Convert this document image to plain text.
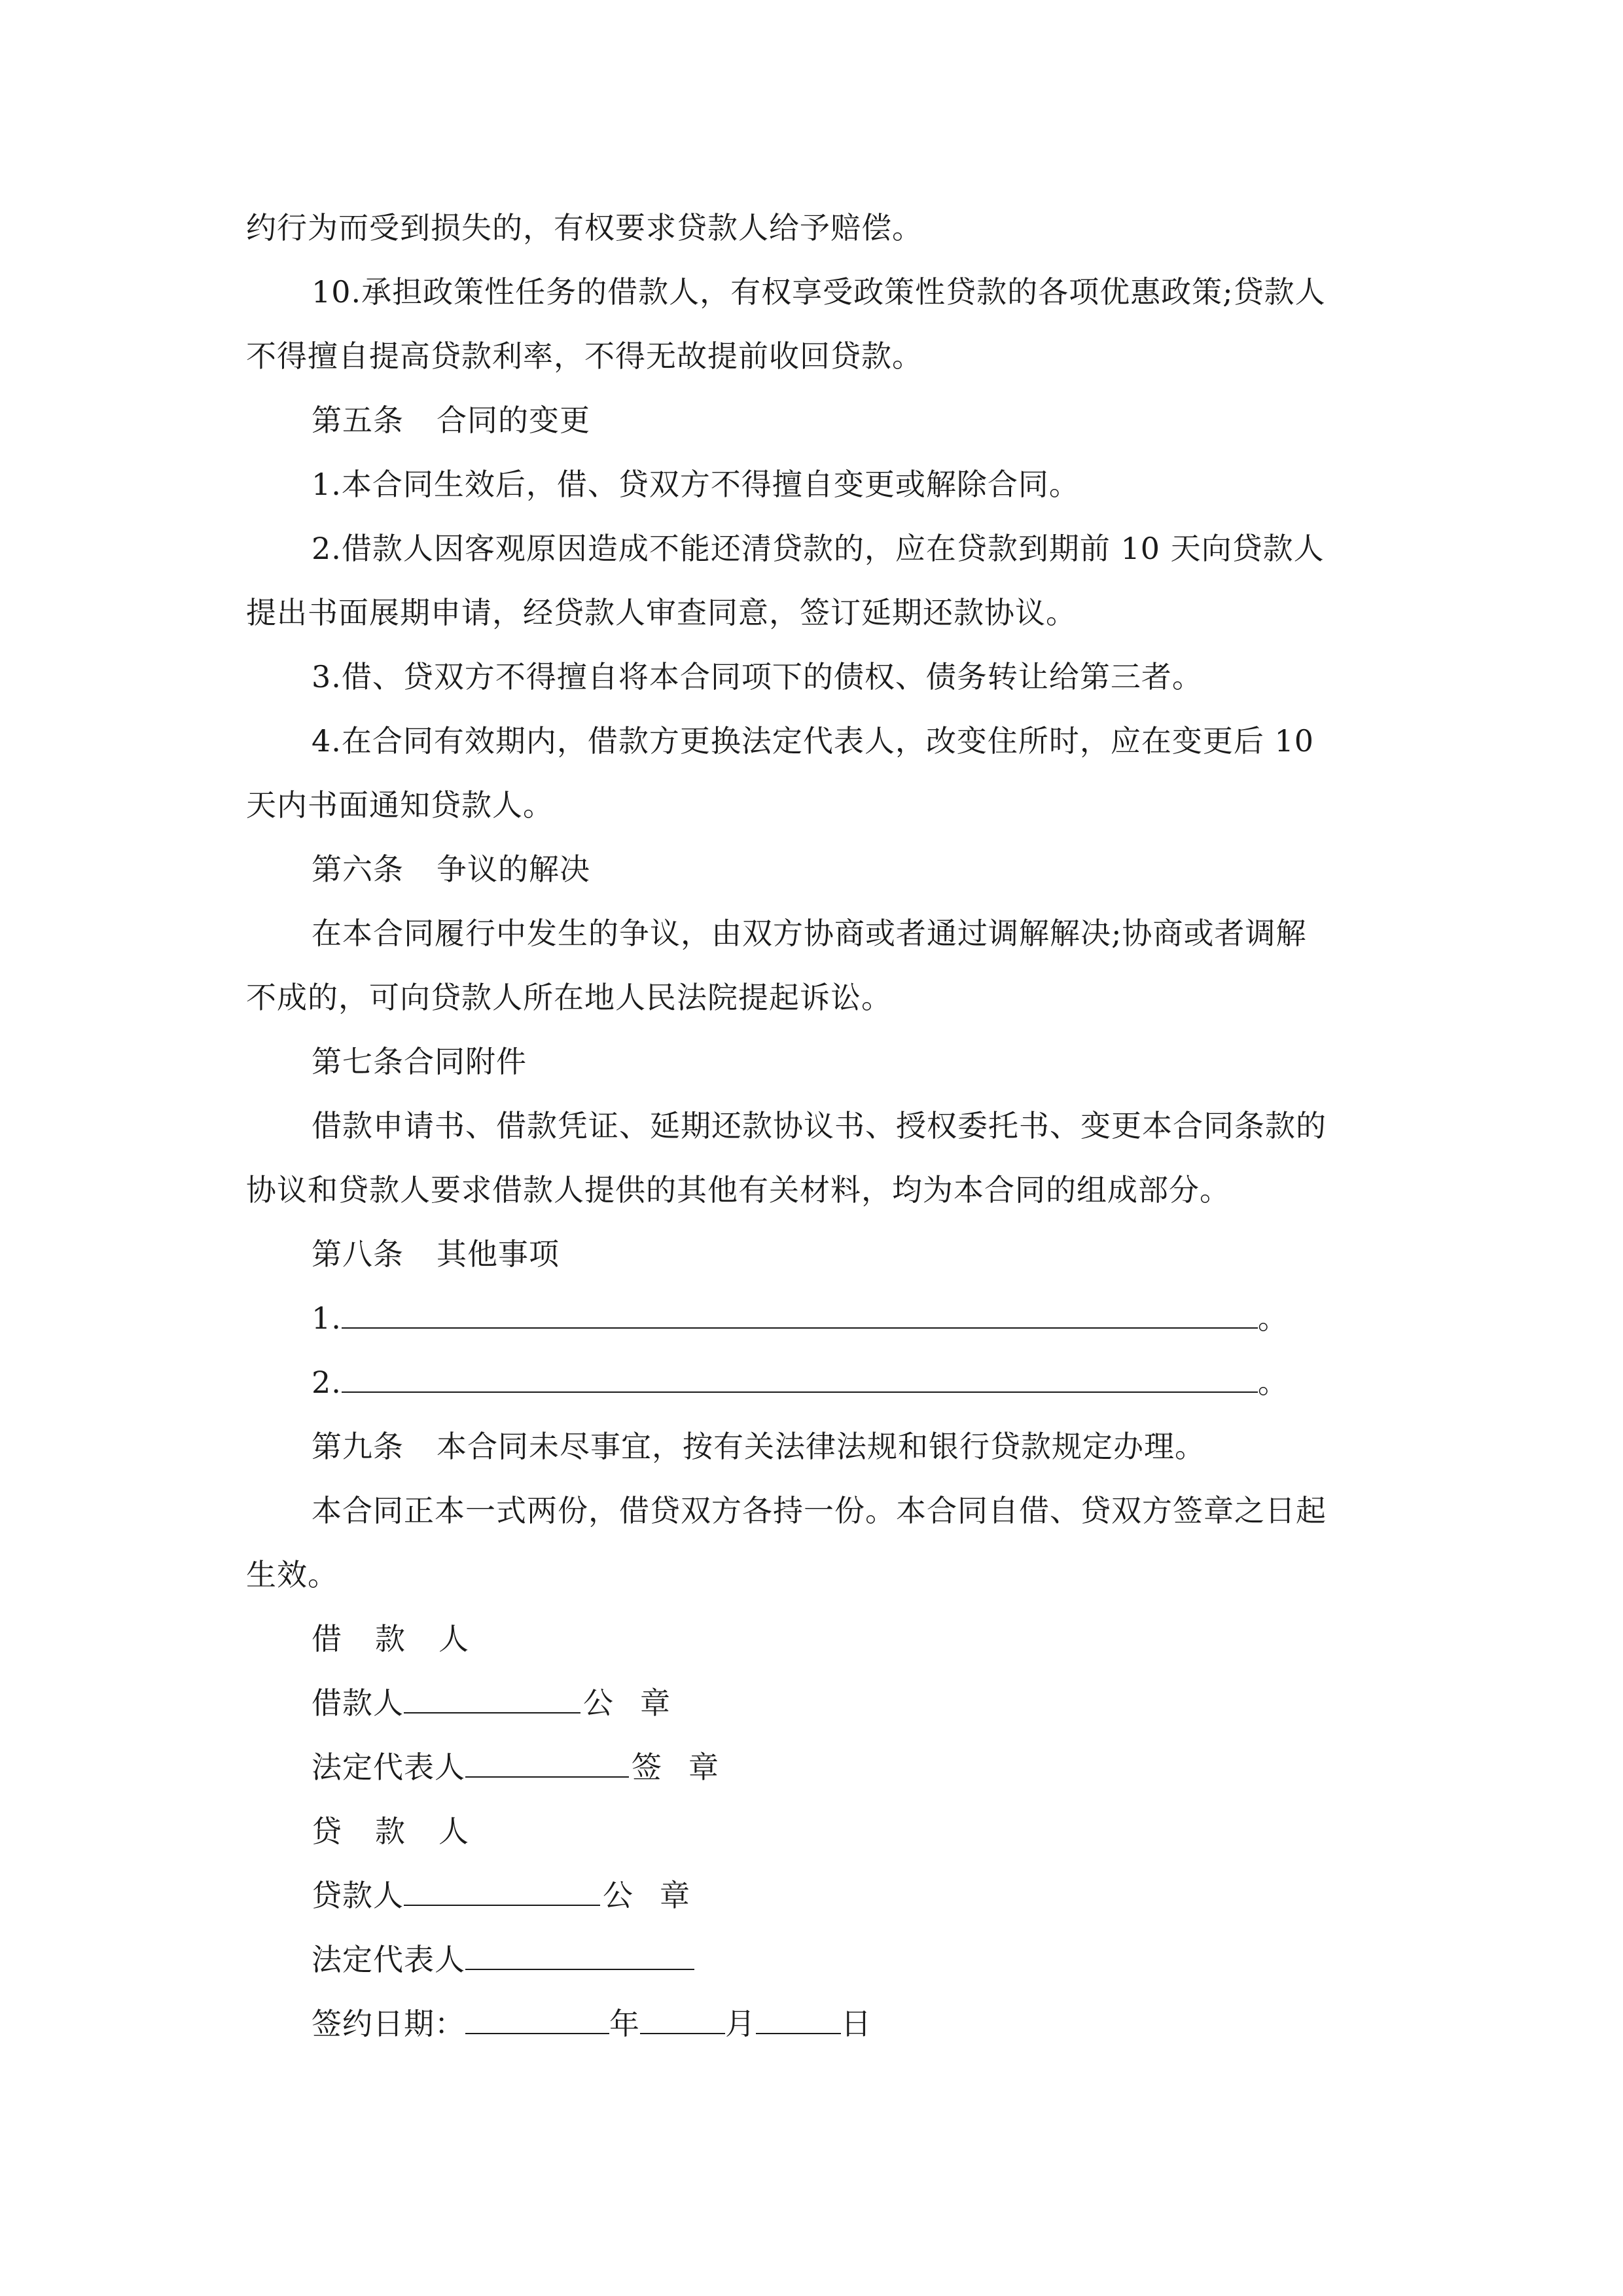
约行为而受到损失的，有权要求贷款人给予赔偿。
10.承担政策性任务的借款人，有权享受政策性贷款的各项优惠政策;贷款人
不得擅自提高贷款利率，不得无故提前收回贷款。
第五条 合同的变更
1.本合同生效后，借、贷双方不得擅自变更或解除合同。
2.借款人因客观原因造成不能还清贷款的，应在贷款到期前 10 天向贷款人
提出书面展期申请，经贷款人审查同意，签订延期还款协议。
3.借、贷双方不得擅自将本合同项下的债权、债务转让给第三者。
4.在合同有效期内，借款方更换法定代表人，改变住所时，应在变更后 10
天内书面通知贷款人。
第六条 争议的解决
在本合同履行中发生的争议，由双方协商或者通过调解解决;协商或者调解
不成的，可向贷款人所在地人民法院提起诉讼。
第七条合同附件
借款申请书、借款凭证、延期还款协议书、授权委托书、变更本合同条款的
协议和贷款人要求借款人提供的其他有关材料，均为本合同的组成部分。
第八条 其他事项
1.	。
2.	。
第九条 本合同未尽事宜，按有关法律法规和银行贷款规定办理。
本合同正本一式两份，借贷双方各持一份。本合同自借、贷双方签章之日起
生效。
借 款 人
借款人	公 章
法定代表人	签 章
贷 款 人
贷款人	公 章
法定代表人
签约日期：	年	月	日
